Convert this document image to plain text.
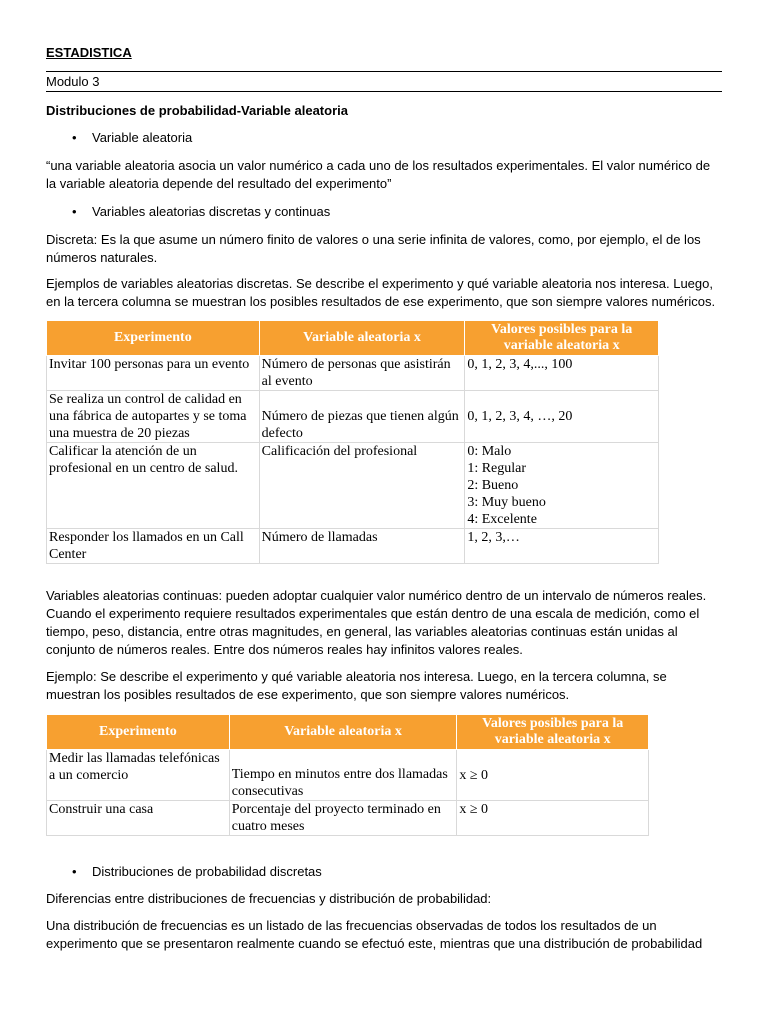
ESTADISTICA
Modulo 3
Distribuciones de probabilidad-Variable aleatoria
• Variable aleatoria
“una variable aleatoria asocia un valor numérico a cada uno de los resultados experimentales. El valor numérico de la variable aleatoria depende del resultado del experimento”
• Variables aleatorias discretas y continuas
Discreta: Es la que asume un número finito de valores o una serie infinita de valores, como, por ejemplo, el de los números naturales.
Ejemplos de variables aleatorias discretas. Se describe el experimento y qué variable aleatoria nos interesa. Luego, en la tercera columna se muestran los posibles resultados de ese experimento, que son siempre valores numéricos.
Experimento	Variable aleatoria x	Valores posibles para la variable aleatoria x
Invitar 100 personas para un evento	Número de personas que asistirán al evento	0, 1, 2, 3, 4,..., 100
Se realiza un control de calidad en una fábrica de autopartes y se toma una muestra de 20 piezas	Número de piezas que tienen algún defecto	0, 1, 2, 3, 4, …, 20
Calificar la atención de un profesional en un centro de salud.	Calificación del profesional	0: Malo
1: Regular
2: Bueno
3: Muy bueno
4: Excelente
Responder los llamados en un Call Center	Número de llamadas	1, 2, 3,…
Variables aleatorias continuas: pueden adoptar cualquier valor numérico dentro de un intervalo de números reales. Cuando el experimento requiere resultados experimentales que están dentro de una escala de medición, como el tiempo, peso, distancia, entre otras magnitudes, en general, las variables aleatorias continuas están unidas al conjunto de números reales. Entre dos números reales hay infinitos valores reales.
Ejemplo: Se describe el experimento y qué variable aleatoria nos interesa. Luego, en la tercera columna, se muestran los posibles resultados de ese experimento, que son siempre valores numéricos.
Experimento	Variable aleatoria x	Valores posibles para la variable aleatoria x
Medir las llamadas telefónicas a un comercio	Tiempo en minutos entre dos llamadas consecutivas	x ≥ 0
Construir una casa	Porcentaje del proyecto terminado en cuatro meses	x ≥ 0
• Distribuciones de probabilidad discretas
Diferencias entre distribuciones de frecuencias y distribución de probabilidad:
Una distribución de frecuencias es un listado de las frecuencias observadas de todos los resultados de un experimento que se presentaron realmente cuando se efectuó este, mientras que una distribución de probabilidad
